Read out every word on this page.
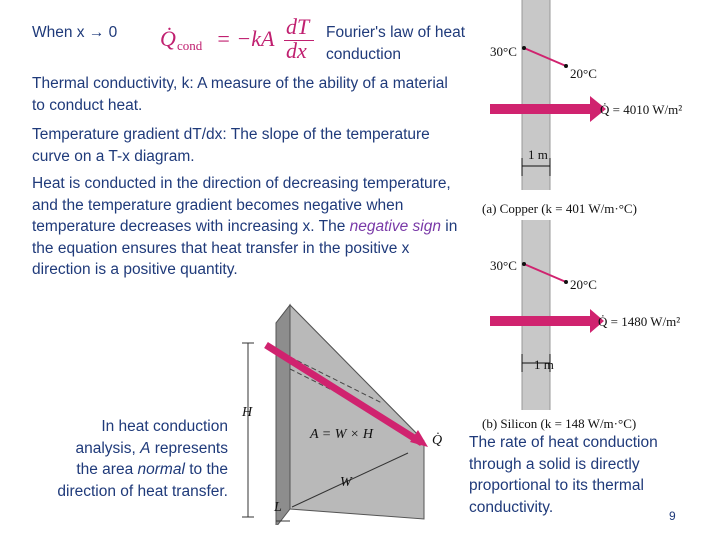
When x → 0 Q̇ cond = −kA dT
dx
Fourier's law of heat conduction
Thermal conductivity, k: A measure of the ability of a material to conduct heat.
Temperature gradient dT/dx: The slope of the temperature curve on a T-x diagram.
Heat is conducted in the direction of decreasing temperature, and the temperature gradient becomes negative when temperature decreases with increasing x. The negative sign in the equation ensures that heat transfer in the positive x direction is a positive quantity.
In heat conduction
analysis, A represents
the area normal to the
direction of heat transfer.
The rate of heat conduction through a solid is directly proportional to its thermal conductivity.
9
30°C
20°C
Q̇ = 4010 W/m²
1 m
(a) Copper (k = 401 W/m·°C)
30°C
20°C
Q̇ = 1480 W/m²
1 m
(b) Silicon (k = 148 W/m·°C)
H
W
L
A = W × H	Q̇
